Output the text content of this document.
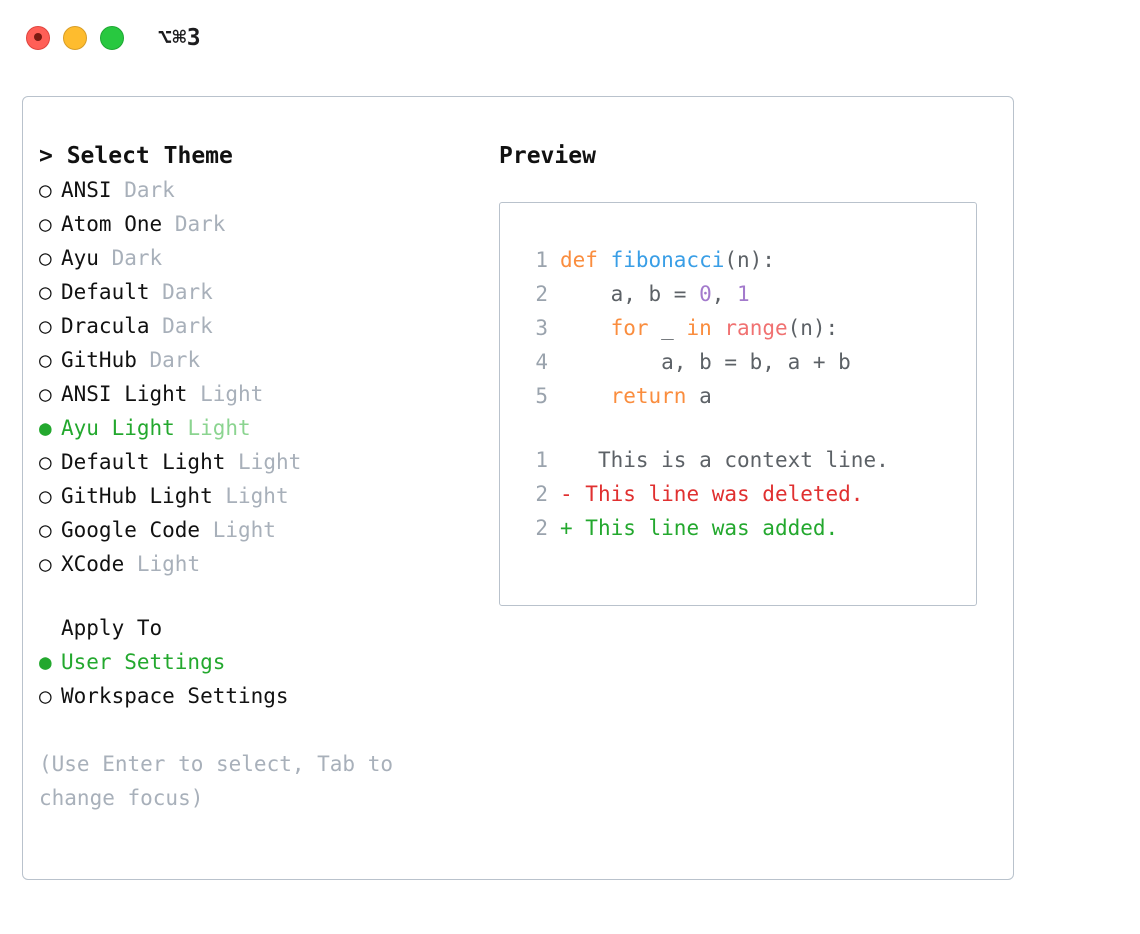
⌥⌘3
> Select Theme
○ ANSI Dark
○ Atom One Dark
○ Ayu Dark
○ Default Dark
○ Dracula Dark
○ GitHub Dark
○ ANSI Light Light
● Ayu Light Light
○ Default Light Light
○ GitHub Light Light
○ Google Code Light
○ XCode Light
Apply To
● User Settings
○ Workspace Settings
(Use Enter to select, Tab to change focus)
Preview
1 def fibonacci(n):
2    a, b = 0, 1
3	for _ in range(n):
4        a, b = b, a + b
5	return a
1   This is a context line.
2 - This line was deleted.
2 + This line was added.
